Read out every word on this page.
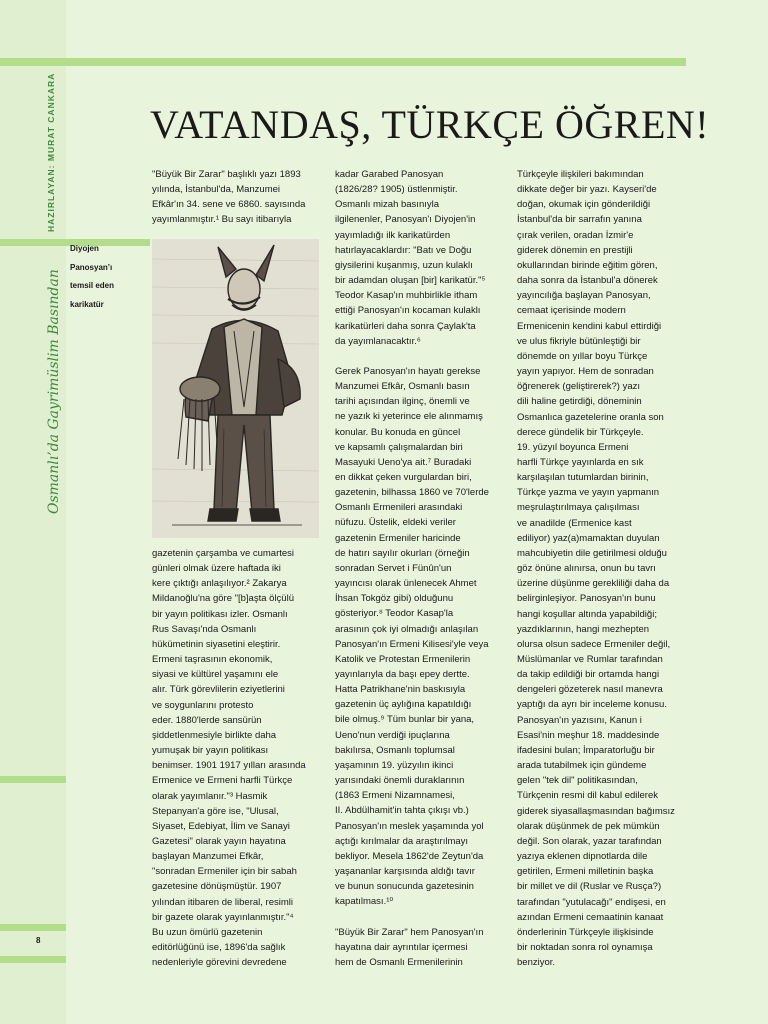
HAZIRLAYAN: MURAT CANKARA
Osmanlı’da Gayrimüslim Basından
8
VATANDAŞ, TÜRKÇE ÖĞREN!

Diyojen

Panosyan’ı

temsil eden

karikatür

"Büyük Bir Zarar" başlıklı yazı 1893

yılında, İstanbul'da, Manzumei

Efkâr'ın 34. sene ve 6860. sayısında

yayımlanmıştır.¹ Bu sayı itibarıyla

gazetenin çarşamba ve cumartesi

günleri olmak üzere haftada iki

kere çıktığı anlaşılıyor.² Zakarya

Mildanoğlu'na göre "[b]aşta ölçülü

bir yayın politikası izler. Osmanlı

Rus Savaşı'nda Osmanlı

hükümetinin siyasetini eleştirir.

Ermeni taşrasının ekonomik,

siyasi ve kültürel yaşamını ele

alır. Türk görevlilerin eziyetlerini

ve soygunlarını protesto

eder. 1880'lerde sansürün

şiddetlenmesiyle birlikte daha

yumuşak bir yayın politikası

benimser. 1901 1917 yılları arasında

Ermenice ve Ermeni harfli Türkçe

olarak yayımlanır."³ Hasmik

Stepanyan'a göre ise, "Ulusal,

Siyaset, Edebiyat, İlim ve Sanayi

Gazetesi" olarak yayın hayatına

başlayan Manzumei Efkâr,

"sonradan Ermeniler için bir sabah

gazetesine dönüşmüştür. 1907

yılından itibaren de liberal, resimli

bir gazete olarak yayınlanmıştır."⁴

Bu uzun ömürlü gazetenin

editörlüğünü ise, 1896'da sağlık

nedenleriyle görevini devredene

kadar Garabed Panosyan

(1826/28? 1905) üstlenmiştir.

Osmanlı mizah basınıyla

ilgilenenler, Panosyan'ı Diyojen'in

yayımladığı ilk karikatürden

hatırlayacaklardır: "Batı ve Doğu

giysilerini kuşanmış, uzun kulaklı

bir adamdan oluşan [bir] karikatür."⁵

Teodor Kasap'ın muhbirlikle itham

ettiği Panosyan'ın kocaman kulaklı

karikatürleri daha sonra Çaylak'ta

da yayımlanacaktır.⁶

Gerek Panosyan'ın hayatı gerekse

Manzumei Efkâr, Osmanlı basın

tarihi açısından ilginç, önemli ve

ne yazık ki yeterince ele alınmamış

konular. Bu konuda en güncel

ve kapsamlı çalışmalardan biri

Masayuki Ueno'ya ait.⁷ Buradaki

en dikkat çeken vurgulardan biri,

gazetenin, bilhassa 1860 ve 70'lerde

Osmanlı Ermenileri arasındaki

nüfuzu. Üstelik, eldeki veriler

gazetenin Ermeniler haricinde

de hatırı sayılır okurları (örneğin

sonradan Servet i Fünûn'un

yayıncısı olarak ünlenecek Ahmet

İhsan Tokgöz gibi) olduğunu

gösteriyor.⁸ Teodor Kasap'la

arasının çok iyi olmadığı anlaşılan

Panosyan'ın Ermeni Kilisesi'yle veya

Katolik ve Protestan Ermenilerin

yayınlarıyla da başı epey dertte.

Hatta Patrikhane'nin baskısıyla

gazetenin üç aylığına kapatıldığı

bile olmuş.⁹ Tüm bunlar bir yana,

Ueno'nun verdiği ipuçlarına

bakılırsa, Osmanlı toplumsal

yaşamının 19. yüzyılın ikinci

yarısındaki önemli duraklarının

(1863 Ermeni Nizamnamesi,

II. Abdülhamit'in tahta çıkışı vb.)

Panosyan'ın meslek yaşamında yol

açtığı kırılmalar da araştırılmayı

bekliyor. Mesela 1862'de Zeytun'da

yaşananlar karşısında aldığı tavır

ve bunun sonucunda gazetesinin

kapatılması.¹⁰

"Büyük Bir Zarar" hem Panosyan'ın

hayatına dair ayrıntılar içermesi

hem de Osmanlı Ermenilerinin

Türkçeyle ilişkileri bakımından

dikkate değer bir yazı. Kayseri'de

doğan, okumak için gönderildiği

İstanbul'da bir sarrafın yanına

çırak verilen, oradan İzmir'e

giderek dönemin en prestijli

okullarından birinde eğitim gören,

daha sonra da İstanbul'a dönerek

yayıncılığa başlayan Panosyan,

cemaat içerisinde modern

Ermenicenin kendini kabul ettirdiği

ve ulus fikriyle bütünleştiği bir

dönemde on yıllar boyu Türkçe

yayın yapıyor. Hem de sonradan

öğrenerek (geliştirerek?) yazı

dili haline getirdiği, döneminin

Osmanlıca gazetelerine oranla son

derece gündelik bir Türkçeyle.

19. yüzyıl boyunca Ermeni

harfli Türkçe yayınlarda en sık

karşılaşılan tutumlardan birinin,

Türkçe yazma ve yayın yapmanın

meşrulaştırılmaya çalışılması

ve anadilde (Ermenice kast

ediliyor) yaz(a)mamaktan duyulan

mahcubiyetin dile getirilmesi olduğu

göz önüne alınırsa, onun bu tavrı

üzerine düşünme gerekliliği daha da

belirginleşiyor. Panosyan'ın bunu

hangi koşullar altında yapabildiği;

yazdıklarının, hangi mezhepten

olursa olsun sadece Ermeniler değil,

Müslümanlar ve Rumlar tarafından

da takip edildiği bir ortamda hangi

dengeleri gözeterek nasıl manevra

yaptığı da ayrı bir inceleme konusu.

Panosyan'ın yazısını, Kanun i

Esasi'nin meşhur 18. maddesinde

ifadesini bulan; İmparatorluğu bir

arada tutabilmek için gündeme

gelen "tek dil" politikasından,

Türkçenin resmi dil kabul edilerek

giderek siyasallaşmasından bağımsız

olarak düşünmek de pek mümkün

değil. Son olarak, yazar tarafından

yazıya eklenen dipnotlarda dile

getirilen, Ermeni milletinin başka

bir millet ve dil (Ruslar ve Rusça?)

tarafından "yutulacağı" endişesi, en

azından Ermeni cemaatinin kanaat

önderlerinin Türkçeyle ilişkisinde

bir noktadan sonra rol oynamışa

benziyor.
